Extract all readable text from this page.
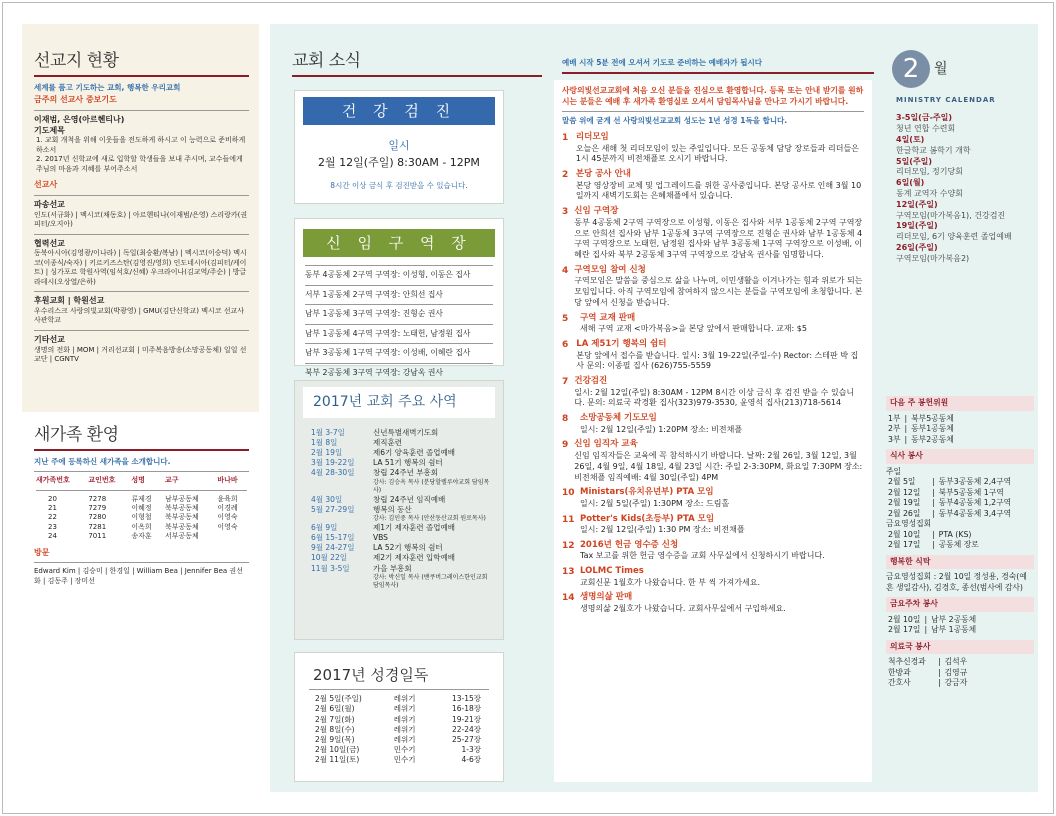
선교지 현황
세계를 품고 기도하는 교회, 행복한 우리교회
금주의 선교사 중보기도
이재범, 은영(아르헨티나)
기도제목
1. 교회 개척을 위해 이웃들을 전도하게 하시고 이 능력으로 준비하게 하소서
2. 2017년 신학교에 새로 입학할 학생들을 보내 주시며, 교수들에게 주님의 마음과 지혜를 부어주소서
선교사
파송선교
인도(서규화) | 멕시코(채동호) | 아르헨티나(이재범/은영) 스리랑카(권피터/오지아)
협력선교
동북아시아(김영광/이나라) | 독일(최승환/복남) | 멕시코(이승덕) 멕시코(이종식/숙자) | 키르키즈스탄(김영진/영희) 인도네시아(김피터/케이트) | 싱가포르 학원사역(임석호/신혜) 우크라이나(김교역/주순) | 방글라데시(오상열/은하)
후원교회 | 학원선교
우수리스크 사랑의빛교회(박광영) | GMU(김단신학교) 멕시코 선교사사관학교
기타선교
생명의 전화 | MOM | 거리선교회 | 미주복음방송(소망공동체) 일일 선교단 | CGNTV
새가족 환영
지난 주에 등록하신 새가족을 소개합니다.
새가족번호	교인번호	성명	교구	바나바

20	7278	류제경	남부공동체	윤육희
21	7279	이혜정	북부공동체	이경례
22	7280	이형철	북부공동체	이영숙
23	7281	이옥희	북부공동체	이영숙
24	7011	송자훈	서부공동체	
방문
Edward Kim | 김승미 | 한경일 | William Bea | Jennifer Bea 권선화 | 김동주 | 장미선
교회 소식
건 강 검 진
일시
2월 12일(주일) 8:30AM - 12PM
8시간 이상 금식 후 검진받을 수 있습니다.
신 임 구 역 장
동부 4공동체 2구역 구역장: 이성형, 이동은 집사
서부 1공동체 2구역 구역장: 안희선 집사
남부 1공동체 3구역 구역장: 진형순 권사
남부 1공동체 4구역 구역장: 노태헌, 남정원 집사
남부 3공동체 1구역 구역장: 이성배, 이혜란 집사
북부 2공동체 3구역 구역장: 강남옥 권사
2017년 교회 주요 사역
1월 3-7일	신년특별새벽기도회
1월 8일	제직훈련
2월 19일	제6기 양육훈련 졸업예배
3월 19-22일	LA 51기 행복의 쉼터
4월 28-30일	창립 24주년 부흥회
강사: 김승옥 목사 (분당할렐루야교회 담임목사)

4월 30일	창립 24주년 임직예배
5월 27-29일	행복의 동산
강사: 김인중 목사 (안산동산교회 원로목사)

6월 9일	제1기 제자훈련 졸업예배
6월 15-17일	VBS
9월 24-27일	LA 52기 행복의 쉼터
10월 22일	제2기 제자훈련 입학예배
11월 3-5일	가을 부흥회
강사: 박신일 목사 (밴쿠버그레이스한인교회 담임목사)
2017년 성경일독
2월 5일(주일)	레위기	13-15장
2월 6일(월)	레위기	16-18장
2월 7일(화)	레위기	19-21장
2월 8일(수)	레위기	22-24장
2월 9일(목)	레위기	25-27장
2월 10일(금)	민수기	1-3장
2월 11일(토)	민수기	4-6장
예배 시작 5분 전에 오셔서 기도로 준비하는 예배자가 됩시다
사랑의빛선교교회에 처음 오신 분들을 진심으로 환영합니다. 등록 또는 안내 받기를 원하시는 분들은 예배 후 새가족 환영실로 오셔서 담임목사님을 만나고 가시기 바랍니다.
말씀 위에 굳게 선 사랑의빛선교교회 성도는 1년 성경 1독을 합니다.
1 리더모임
오늘은 새해 첫 리더모임이 있는 주일입니다. 모든 공동체 담당 장로들과 리더들은 1시 45분까지 비전채플로 오시기 바랍니다.
2 본당 공사 안내
본당 영상장비 교체 및 업그레이드를 위한 공사중입니다. 본당 공사로 인해 3월 10일까지 새벽기도회는 은혜채플에서 있습니다.
3 신임 구역장
동부 4공동체 2구역 구역장으로 이성형, 이동은 집사와 서부 1공동체 2구역 구역장으로 안희선 집사와 남부 1공동체 3구역 구역장으로 진형순 권사와 남부 1공동체 4구역 구역장으로 노태헌, 남정원 집사와 남부 3공동체 1구역 구역장으로 이성배, 이혜란 집사와 북부 2공동체 3구역 구역장으로 강남옥 권사를 임명합니다.
4 구역모임 참여 신청
구역모임은 말씀을 중심으로 삶을 나누며, 이민생활을 이겨나가는 힘과 위로가 되는 모임입니다. 아직 구역모임에 참여하지 않으시는 분들을 구역모임에 초청합니다. 본당 앞에서 신청을 받습니다.
5	구역 교재 판매
새해 구역 교재 <마가복음>을 본당 앞에서 판매합니다. 교재: $5
6 LA 제51기 행복의 쉼터
본당 앞에서 접수를 받습니다. 일시: 3월 19-22일(주일-수) Rector: 스테판 박 집사 문의: 이종필 집사 (626)755-5559
7 건강검진
일시: 2월 12일(주일) 8:30AM - 12PM 8시간 이상 금식 후 검진 받을 수 있습니다. 문의: 의료국 곽경환 집사(323)979-3530, 윤영석 집사(213)718-5614
8	소망공동체 기도모임
일시: 2월 12일(주일) 1:20PM 장소: 비전채플
9 신임 임직자 교육
신임 임직자들은 교육에 꼭 참석하시기 바랍니다. 날짜: 2월 26일, 3월 12일, 3월 26일, 4월 9일, 4월 18일, 4월 23일 시간: 주일 2-3:30PM, 화요일 7:30PM 장소: 비전채플 임직예배: 4월 30일(주일) 4PM
10 Ministars(유치유년부) PTA 모임
일시: 2월 5일(주일) 1:30PM 장소: 드림홀
11 Potter's Kids(초등부) PTA 모임
일시: 2월 12일(주일) 1:30 PM 장소: 비전채플
12 2016년 헌금 영수증 신청
Tax 보고를 위한 헌금 영수증을 교회 사무실에서 신청하시기 바랍니다.
13 LOLMC Times
교회신문 1월호가 나왔습니다. 한 부 씩 가져가세요.
14 생명의삶 판매
생명의삶 2월호가 나왔습니다. 교회사무실에서 구입하세요.
2	월
MINISTRY CALENDAR
3-5일(금-주일)
청년 연합 수련회
4일(토)
한글학교 봄학기 개학
5일(주일)
리더모임, 정기당회
6일(월)
동계 교역자 수양회
12일(주일)
구역모임(마가복음1), 건강검진
19일(주일)
리더모임, 6기 양육훈련 졸업예배
26일(주일)
구역모임(마가복음2)
다음 주 봉헌위원
1부	|	북부5공동체
2부	|	동부1공동체
3부	|	동부2공동체
식사 봉사
주일
2월 5일	|	동부3공동체 2,4구역
2월 12일	|	북부5공동체 1구역
2월 19일	|	동부4공동체 1,2구역
2월 26일	|	동부4공동체 3,4구역
금요영성집회
2월 10일	|	PTA (KS)
2월 17일	|	공동체 장로
행복한 식탁
금요영성집회 : 2월 10일 정성용, 경숙(예흔 생일감사), 김경호, 종선(범사에 감사)
금요주차 봉사
2월 10일	|	남부 2공동체
2월 17일	|	남부 1공동체
의료국 봉사
척추신경과	|	김석우
한방과	|	김영규
간호사	|	강금자
